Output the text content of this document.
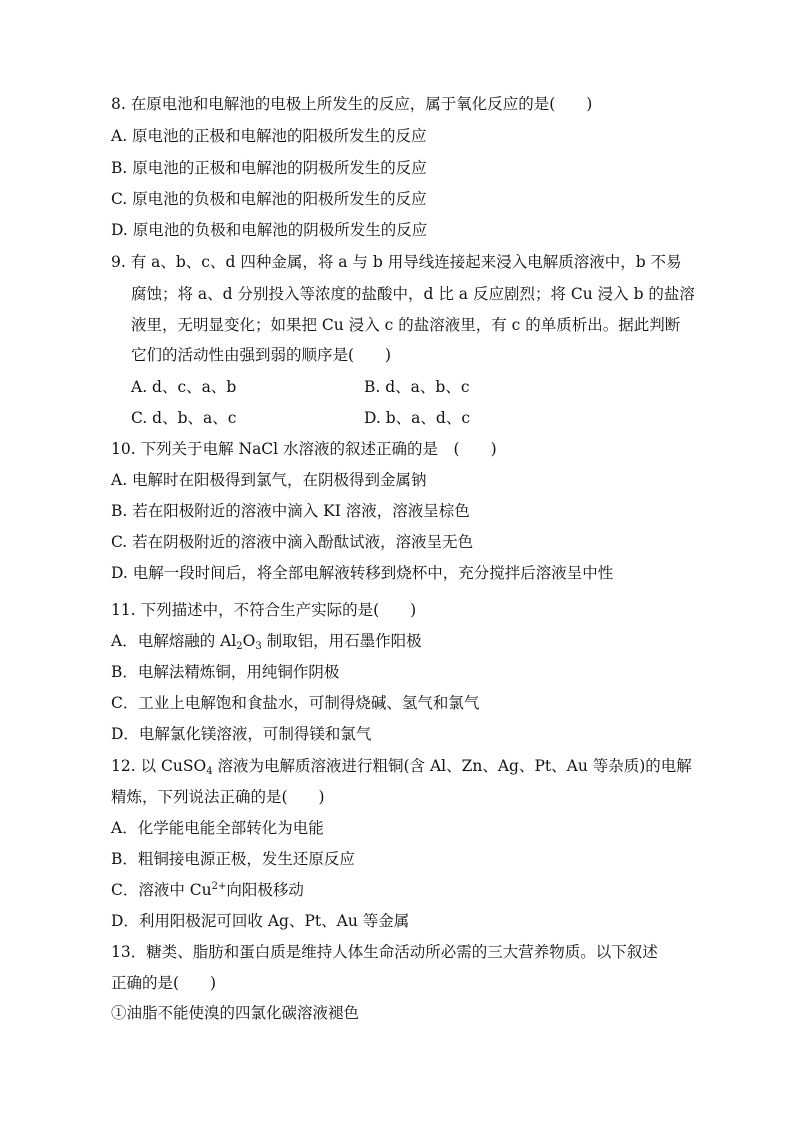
8. 在原电池和电解池的电极上所发生的反应，属于氧化反应的是(　　)
A. 原电池的正极和电解池的阳极所发生的反应
B. 原电池的正极和电解池的阴极所发生的反应
C. 原电池的负极和电解池的阳极所发生的反应
D. 原电池的负极和电解池的阴极所发生的反应
9. 有 a、b、c、d 四种金属，将 a 与 b 用导线连接起来浸入电解质溶液中，b 不易
腐蚀；将 a、d 分别投入等浓度的盐酸中，d 比 a 反应剧烈；将 Cu 浸入 b 的盐溶
液里，无明显变化；如果把 Cu 浸入 c 的盐溶液里，有 c 的单质析出。据此判断
它们的活动性由强到弱的顺序是(　　)
A. d、c、a、b	B. d、a、b、c
C. d、b、a、c	D. b、a、d、c
10. 下列关于电解 NaCl 水溶液的叙述正确的是　(　　)
A. 电解时在阳极得到氯气，在阴极得到金属钠
B. 若在阳极附近的溶液中滴入 KI 溶液，溶液呈棕色
C. 若在阴极附近的溶液中滴入酚酞试液，溶液呈无色
D. 电解一段时间后，将全部电解液转移到烧杯中，充分搅拌后溶液呈中性
11. 下列描述中，不符合生产实际的是(　　)
A．电解熔融的 $Al_2O_3$ 制取铝，用石墨作阳极
B．电解法精炼铜，用纯铜作阴极
C．工业上电解饱和食盐水，可制得烧碱、氢气和氯气
D．电解氯化镁溶液，可制得镁和氯气
12. 以 CuSO$_4$ 溶液为电解质溶液进行粗铜(含 Al、Zn、Ag、Pt、Au 等杂质)的电解
精炼，下列说法正确的是(　　)
A．化学能电能全部转化为电能
B．粗铜接电源正极，发生还原反应
C．溶液中 $Cu^{2+}$向阳极移动
D．利用阳极泥可回收 Ag、Pt、Au 等金属
13．糖类、脂肪和蛋白质是维持人体生命活动所必需的三大营养物质。以下叙述
正确的是(　　)
①油脂不能使溴的四氯化碳溶液褪色
